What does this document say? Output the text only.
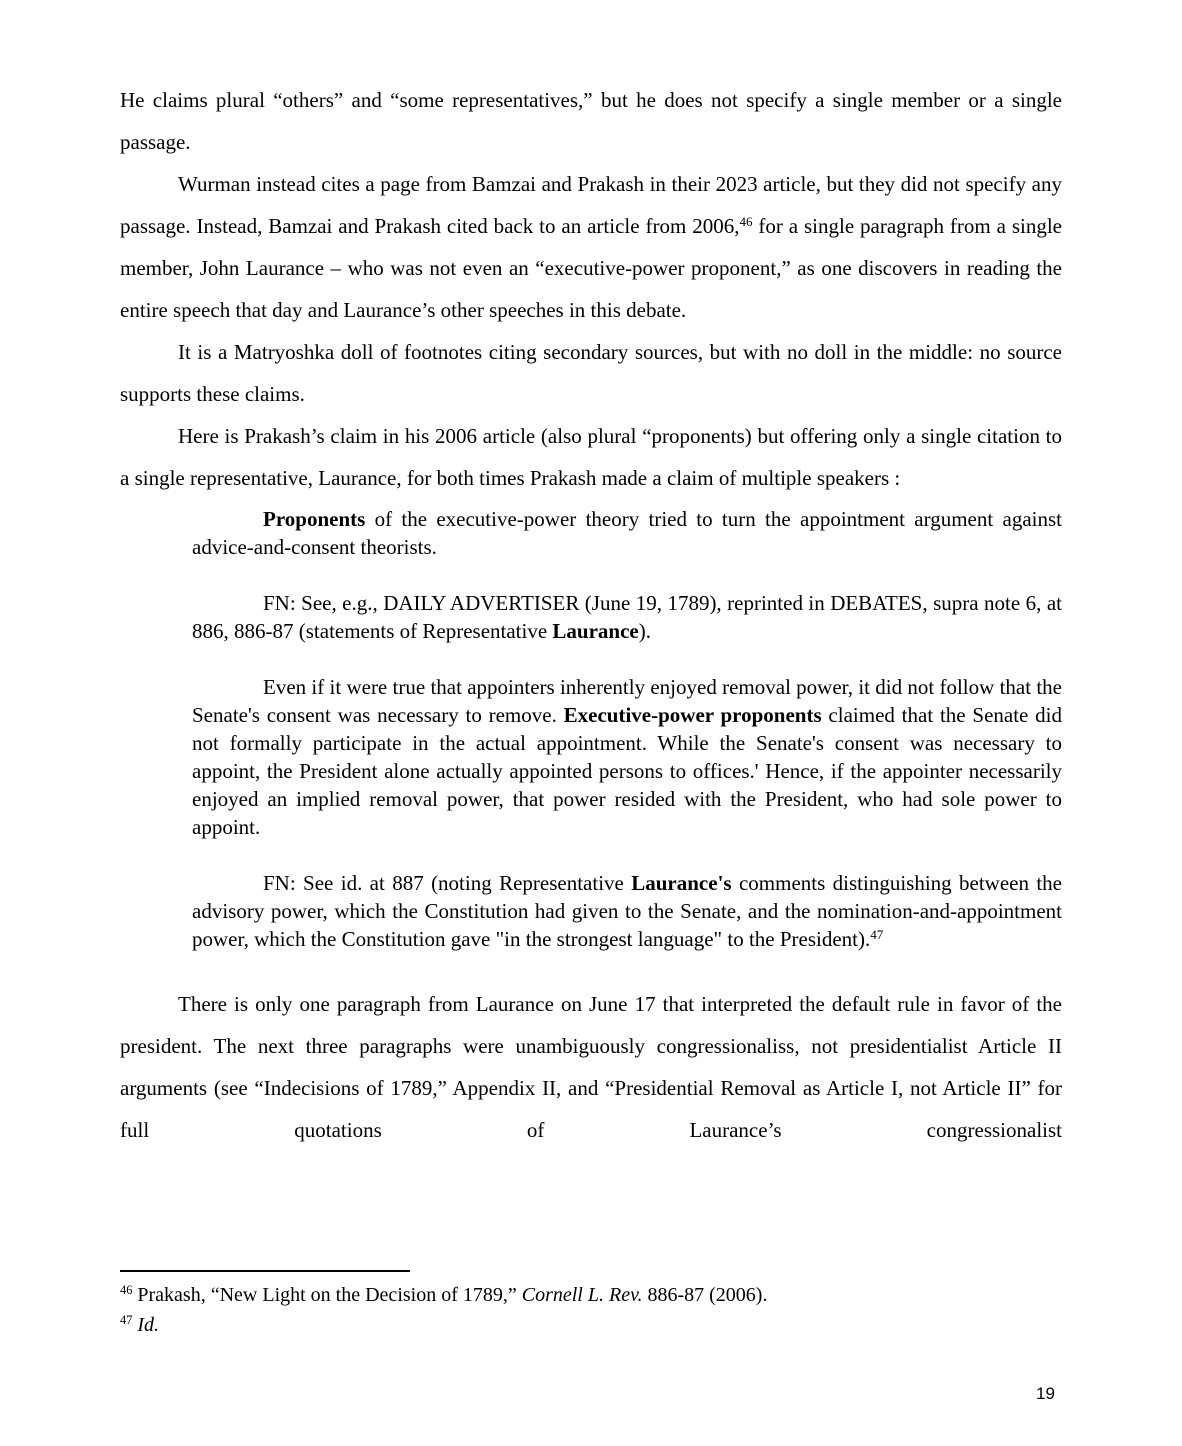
He claims plural “others” and “some representatives,” but he does not specify a single member or a single passage.

Wurman instead cites a page from Bamzai and Prakash in their 2023 article, but they did not specify any passage. Instead, Bamzai and Prakash cited back to an article from 2006,46 for a single paragraph from a single member, John Laurance – who was not even an “executive-power proponent,” as one discovers in reading the entire speech that day and Laurance’s other speeches in this debate.

It is a Matryoshka doll of footnotes citing secondary sources, but with no doll in the middle: no source supports these claims.

Here is Prakash’s claim in his 2006 article (also plural “proponents) but offering only a single citation to a single representative, Laurance, for both times Prakash made a claim of multiple speakers :

Proponents of the executive-power theory tried to turn the appointment argument against advice-and-consent theorists.
FN: See, e.g., DAILY ADVERTISER (June 19, 1789), reprinted in DEBATES, supra note 6, at 886, 886-87 (statements of Representative Laurance).
Even if it were true that appointers inherently enjoyed removal power, it did not follow that the Senate's consent was necessary to remove. Executive-power proponents claimed that the Senate did not formally participate in the actual appointment. While the Senate's consent was necessary to appoint, the President alone actually appointed persons to offices.' Hence, if the appointer necessarily enjoyed an implied removal power, that power resided with the President, who had sole power to appoint.
FN: See id. at 887 (noting Representative Laurance's comments distinguishing between the advisory power, which the Constitution had given to the Senate, and the nomination-and-appointment power, which the Constitution gave "in the strongest language" to the President).$^{47}$

There is only one paragraph from Laurance on June 17 that interpreted the default rule in favor of the president. The next three paragraphs were unambiguously congressionaliss, not presidentialist Article II arguments (see “Indecisions of 1789,” Appendix II, and “Presidential Removal as Article I, not Article II” for full quotations of Laurance’s congressionalist

$^{46}$ Prakash, “New Light on the Decision of 1789,” Cornell L. Rev. 886-87 (2006).

$^{47}$ Id.

19
